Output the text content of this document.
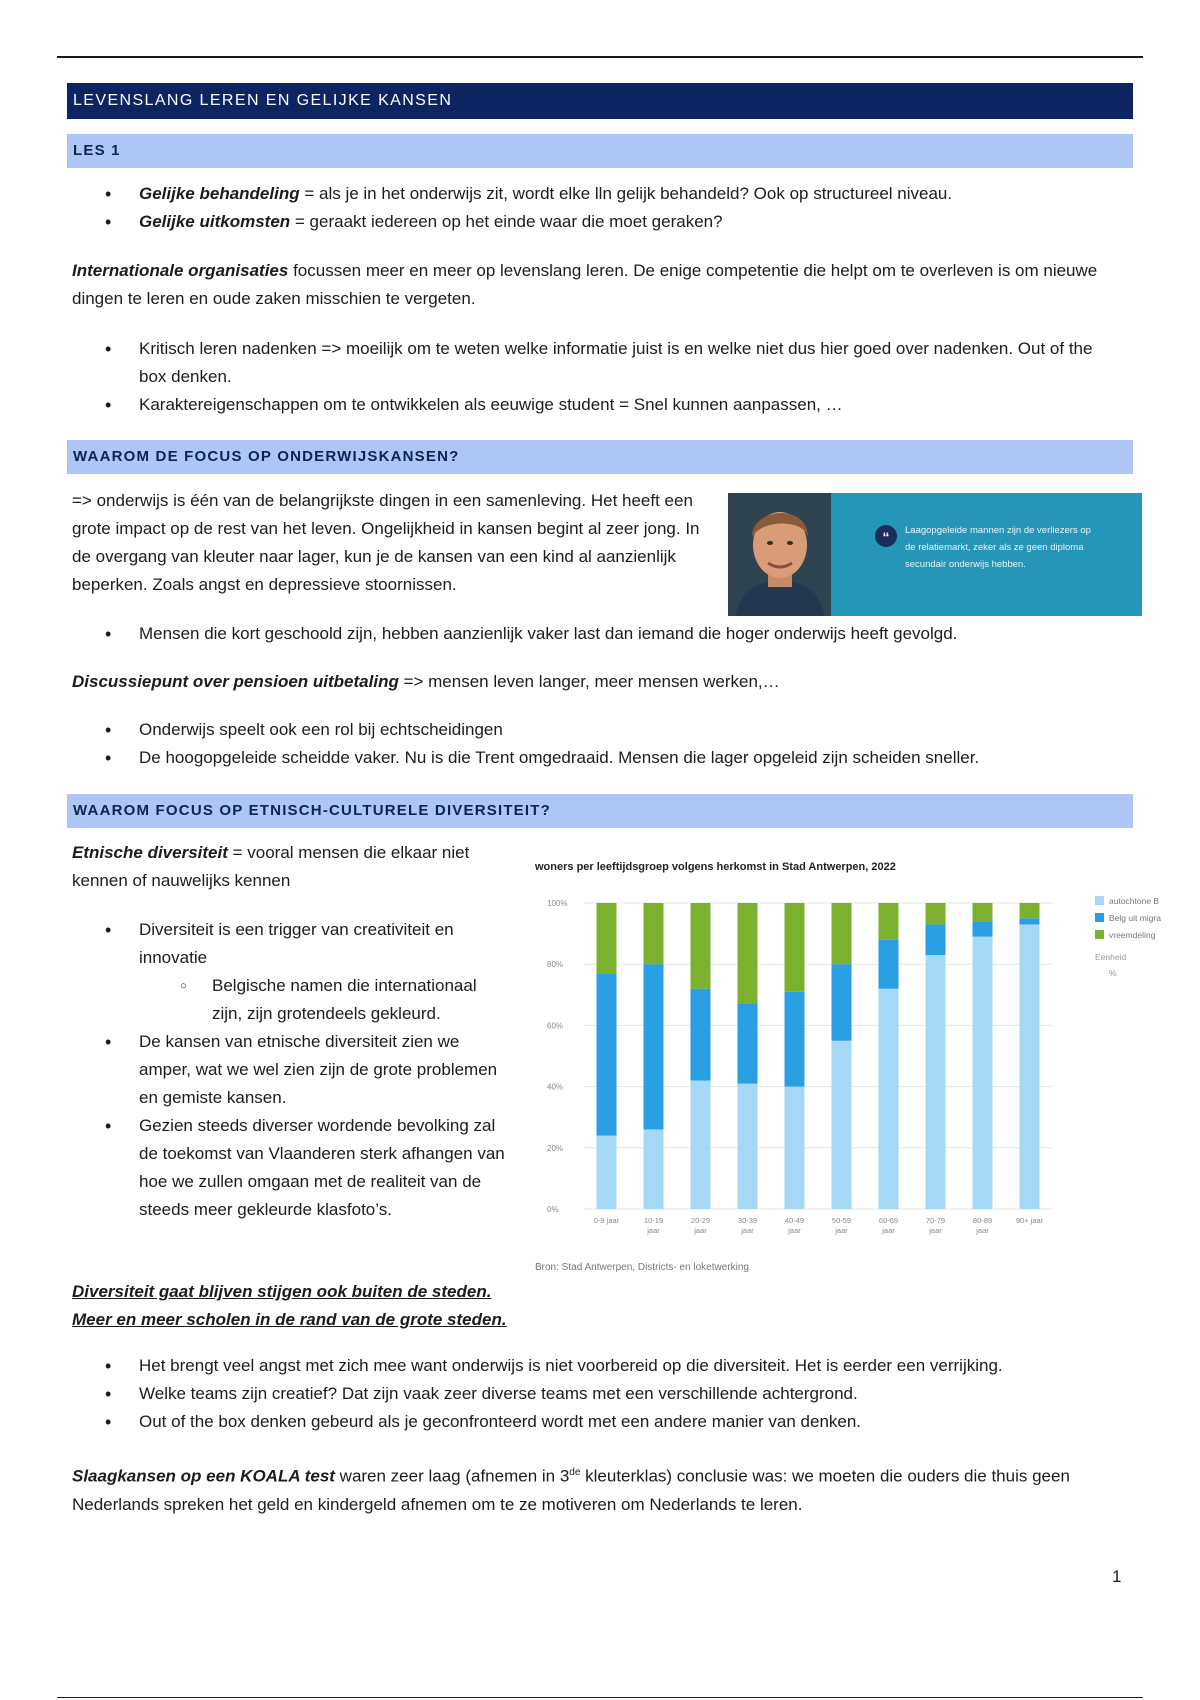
LEVENSLANG LEREN EN GELIJKE KANSEN
LES 1
• Gelijke behandeling = als je in het onderwijs zit, wordt elke lln gelijk behandeld? Ook op structureel niveau.
• Gelijke uitkomsten = geraakt iedereen op het einde waar die moet geraken?
Internationale organisaties focussen meer en meer op levenslang leren. De enige competentie die helpt om te overleven is om nieuwe dingen te leren en oude zaken misschien te vergeten.
• Kritisch leren nadenken => moeilijk om te weten welke informatie juist is en welke niet dus hier goed over nadenken. Out of the box denken.
• Karaktereigenschappen om te ontwikkelen als eeuwige student = Snel kunnen aanpassen, …
WAAROM DE FOCUS OP ONDERWIJSKANSEN?
=> onderwijs is één van de belangrijkste dingen in een samenleving. Het heeft een grote impact op de rest van het leven. Ongelijkheid in kansen begint al zeer jong. In de overgang van kleuter naar lager, kun je de kansen van een kind al aanzienlijk beperken. Zoals angst en depressieve stoornissen.
“	Laagopgeleide mannen zijn de verliezers op de relatiemarkt, zeker als ze geen diploma secundair onderwijs hebben.
• Mensen die kort geschoold zijn, hebben aanzienlijk vaker last dan iemand die hoger onderwijs heeft gevolgd.
Discussiepunt over pensioen uitbetaling => mensen leven langer, meer mensen werken,…
• Onderwijs speelt ook een rol bij echtscheidingen
• De hoogopgeleide scheidde vaker. Nu is die Trent omgedraaid. Mensen die lager opgeleid zijn scheiden sneller.
WAAROM FOCUS OP ETNISCH-CULTURELE DIVERSITEIT?
Etnische diversiteit = vooral mensen die elkaar niet kennen of nauwelijks kennen
• Diversiteit is een trigger van creativiteit en innovatie
○ Belgische namen die internationaal zijn, zijn grotendeels gekleurd.
• De kansen van etnische diversiteit zien we amper, wat we wel zien zijn de grote problemen en gemiste kansen.
• Gezien steeds diverser wordende bevolking zal de toekomst van Vlaanderen sterk afhangen van hoe we zullen omgaan met de realiteit van de steeds meer gekleurde klasfoto’s.
woners per leeftijdsgroep volgens herkomst in Stad Antwerpen, 2022
0%
20%
40%
60%
80%
100%
0-9 jaar	10-19 jaar
20-29 jaar
30-39 jaar
40-49 jaar
50-59 jaar
60-69 jaar
70-79 jaar
80-89 jaar
90+ jaar
autochtone B
Belg uit migra
vreemdeling
Eenheid
%
Bron: Stad Antwerpen, Districts- en loketwerking
Diversiteit gaat blijven stijgen ook buiten de steden.
Meer en meer scholen in de rand van de grote steden.
• Het brengt veel angst met zich mee want onderwijs is niet voorbereid op die diversiteit. Het is eerder een verrijking.
• Welke teams zijn creatief? Dat zijn vaak zeer diverse teams met een verschillende achtergrond.
• Out of the box denken gebeurd als je geconfronteerd wordt met een andere manier van denken.
Slaagkansen op een KOALA test waren zeer laag (afnemen in 3de kleuterklas) conclusie was: we moeten die ouders die thuis geen Nederlands spreken het geld en kindergeld afnemen om te ze motiveren om Nederlands te leren.
1
